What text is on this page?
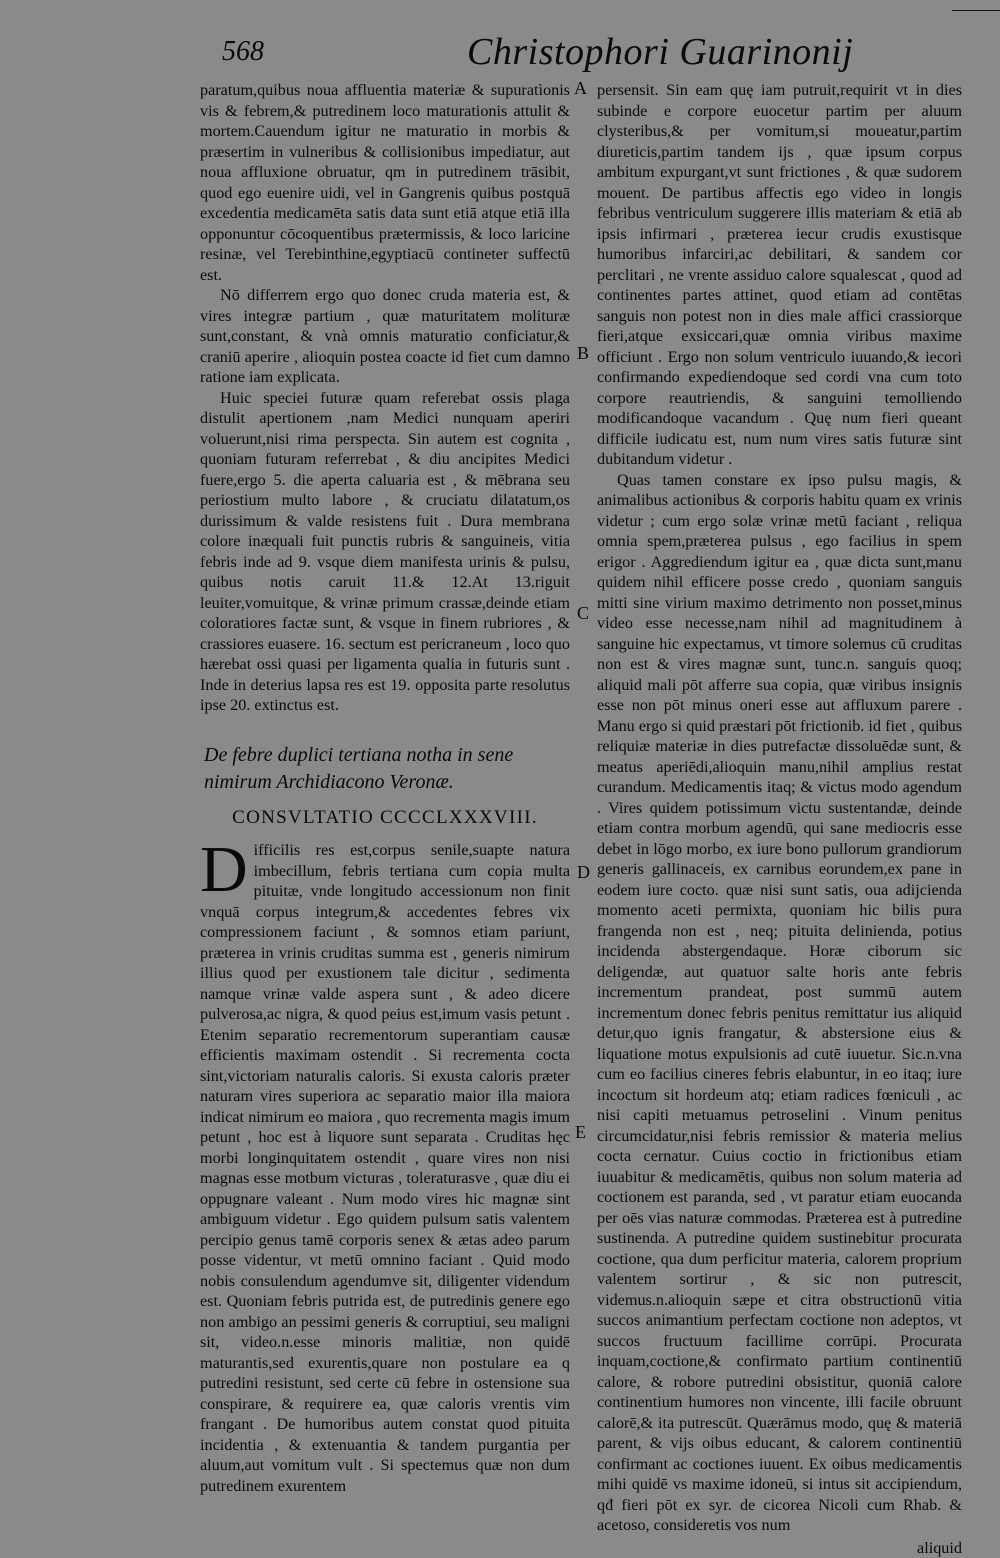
568	Christophori Guarinonij

paratum,quibus noua affluentia materiæ & supuratìonis vis & febrem,& putredinem loco maturationis attulit & mortem.Cauendum igitur ne maturatio in morbis & præsertim in vulneribus & collisionibus impediatur, aut noua affluxione obruatur, qm in putredinem trāsibit, quod ego euenire uidi, vel in Gangrenis quibus postquā excedentia medicamēta satis data sunt etiā atque etiā illa opponuntur cōcoquentibus prætermissis, & loco laricine resinæ, vel Terebinthine,egyptiacū contineter suffectū est.

Nō differrem ergo quo donec cruda materia est, & vires integræ partium , quæ maturitatem molituræ sunt,constant, & vnà omnis maturatio conficiatur,& craniū aperire , alioquin postea coacte id fiet cum damno ratione iam explicata.

Huic speciei futuræ quam referebat ossis plaga distulit apertionem ,nam Medici nunquam aperiri voluerunt,nisi rima perspecta. Sin autem est cognita , quoniam futuram referrebat , & diu ancipites Medici fuere,ergo 5. die aperta caluaria est , & mēbrana seu periostium multo labore , & cruciatu dilatatum,os durissimum & valde resistens fuit . Dura membrana colore inæquali fuit punctis rubris & sanguineis, vitia febris inde ad 9. vsque diem manifesta urinis & pulsu, quibus notis caruit 11.& 12.At 13.riguit leuiter,vomuitque, & vrinæ primum crassæ,deinde etiam coloratiores factæ sunt, & vsque in finem rubriores , & crassiores euasere. 16. sectum est pericraneum , loco quo hærebat ossi quasi per ligamenta qualia in futuris sunt . Inde in deterius lapsa res est 19. opposita parte resolutus ipse 20. extinctus est.

De febre duplici tertiana notha in sene nimirum Archidiacono Veronæ.
CONSVLTATIO CCCCLXXXVIII.
D ifficilis res est,corpus senile,suapte natura imbecillum, febris tertiana cum copia multa pituitæ, vnde longitudo accessionum non finit vnquā corpus integrum,& accedentes febres vix compressionem faciunt , & somnos etiam pariunt, præterea in vrinis cruditas summa est , generis nimirum illius quod per exustionem tale dicitur , sedimenta namque vrinæ valde aspera sunt , & adeo dicere pulverosa,ac nigra, & quod peius est,imum vasis petunt . Etenim separatio recrementorum superantiam causæ efficientis maximam ostendit . Si recrementa cocta sint,victoriam naturalis caloris. Si exusta caloris præter naturam vires superiora ac separatio maior illa maiora indicat nimirum eo maiora , quo recrementa magis imum petunt , hoc est à liquore sunt separata . Cruditas hęc morbi longinquitatem ostendit , quare vires non nisi magnas esse motbum victuras , toleraturasve , quæ diu ei oppugnare valeant . Num modo vires hic magnæ sint ambiguum videtur . Ego quidem pulsum satis valentem percipio genus tamē corporis senex & ætas adeo parum posse videntur, vt metū omnino faciant . Quid modo nobis consulendum agendumve sit, diligenter videndum est. Quoniam febris putrida est, de putredinis genere ego non ambigo an pessimi generis & corruptiui, seu maligni sit, video.n.esse minoris malitiæ, non quidē maturantis,sed exurentis,quare non postulare ea q putredini resistunt, sed certe cū febre in ostensione sua conspirare, & requirere ea, quæ caloris vrentis vim frangant . De humoribus autem constat quod pituita incidentia , & extenuantia & tandem purgantia per aluum,aut vomitum vult . Si spectemus quæ non dum putredinem exurentem

A
B
C
D
E

persensit. Sin eam quę iam putruit,requirit vt in dies subinde e corpore euocetur partim per aluum clysteribus,& per vomitum,si moueatur,partim diureticis,partim tandem ijs , quæ ipsum corpus ambitum expurgant,vt sunt frictiones , & quæ sudorem mouent. De partibus affectis ego video in longis febribus ventriculum suggerere illis materiam & etiā ab ipsis infirmari , præterea iecur crudis exustisque humoribus infarciri,ac debilitari, & sandem cor perclitari , ne vrente assiduo calore squalescat , quod ad continentes partes attinet, quod etiam ad contētas sanguis non potest non in dies male affici crassiorque fieri,atque exsiccari,quæ omnia viribus maxime officiunt . Ergo non solum ventriculo iuuando,& iecori confirmando expediendoque sed cordi vna cum toto corpore reautriendis, & sanguini temolliendo modificandoque vacandum . Quę num fieri queant difficile iudicatu est, num num vires satis futuræ sint dubitandum videtur .

Quas tamen constare ex ipso pulsu magis, & animalibus actionibus & corporis habitu quam ex vrinis videtur ; cum ergo solæ vrinæ metū faciant , reliqua omnia spem,præterea pulsus , ego facilius in spem erigor . Aggrediendum igitur ea , quæ dicta sunt,manu quidem nihil efficere posse credo , quoniam sanguis mitti sine virium maximo detrimento non posset,minus video esse necesse,nam nihil ad magnitudinem à sanguine hic expectamus, vt timore solemus cū cruditas non est & vires magnæ sunt, tunc.n. sanguis quoq; aliquid mali pōt afferre sua copia, quæ viribus insignis esse non pōt minus oneri esse aut affluxum parere . Manu ergo si quid præstari pōt frictionib. id fiet , quibus reliquiæ materiæ in dies putrefactæ dissoluēdæ sunt, & meatus aperiēdi,alioquin manu,nihil amplius restat curandum. Medicamentis itaq; & victus modo agendum . Vires quidem potissimum victu sustentandæ, deinde etiam contra morbum agendū, qui sane mediocris esse debet in lōgo morbo, ex iure bono pullorum grandiorum generis gallinaceis, ex carnibus eorundem,ex pane in eodem iure cocto. quæ nisi sunt satis, oua adijcienda momento aceti permixta, quoniam hic bilis pura frangenda non est , neq; pituita delinienda, potius incidenda abstergendaque. Horæ ciborum sic deligendæ, aut quatuor salte horis ante febris incrementum prandeat, post summū autem incrementum donec febris penitus remittatur ius aliquid detur,quo ignis frangatur, & abstersione eius & liquatione motus expulsionis ad cutē iuuetur. Sic.n.vna cum eo facilius cineres febris elabuntur, in eo itaq; iure incoctum sit hordeum atq; etiam radices fœniculi , ac nisi capiti metuamus petroselini . Vinum penitus circumcidatur,nisi febris remissior & materia melius cocta cernatur. Cuius coctio in frictionibus etiam iuuabitur & medicamētis, quibus non solum materia ad coctionem est paranda, sed , vt paratur etiam euocanda per oēs vias naturæ commodas. Præterea est à putredine sustinenda. A putredine quidem sustinebitur procurata coctione, qua dum perficitur materia, calorem proprium valentem sortirur , & sic non putrescit, videmus.n.alioquin sæpe et citra obstructionū vitia succos animantium perfectam coctione non adeptos, vt succos fructuum facillime corrūpi. Procurata inquam,coctione,& confirmato partium continentiū calore, & robore putredini obsistitur, quoniā calore continentium humores non vincente, illi facile obruunt calorē,& ita putrescūt. Quærāmus modo, quę & materiā parent, & vijs oibus educant, & calorem continentiū confirmant ac coctiones iuuent. Ex oibus medicamentis mihi quidē vs maxime idoneū, si intus sit accipiendum, qđ fieri pōt ex syr. de cicorea Nicoli cum Rhab. & acetoso, consideretis vos num

aliquid
